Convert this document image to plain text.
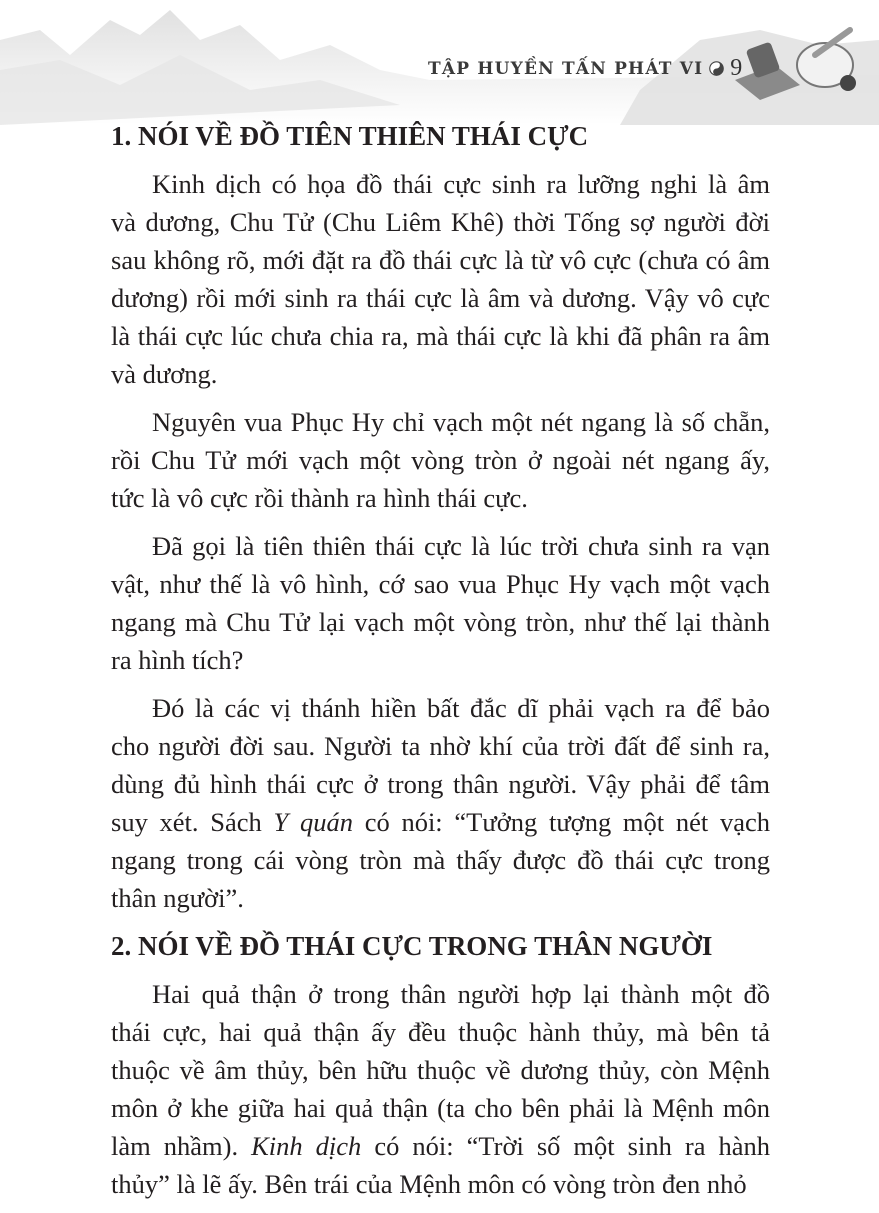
TẬP HUYỀN TẤN PHÁT VI 9
1. NÓI VỀ ĐỒ TIÊN THIÊN THÁI CỰC
Kinh dịch có họa đồ thái cực sinh ra lưỡng nghi là âm
và dương, Chu Tử (Chu Liêm Khê) thời Tống sợ người đời
sau không rõ, mới đặt ra đồ thái cực là từ vô cực (chưa có âm
dương) rồi mới sinh ra thái cực là âm và dương. Vậy vô cực
là thái cực lúc chưa chia ra, mà thái cực là khi đã phân ra âm
và dương.
Nguyên vua Phục Hy chỉ vạch một nét ngang là số chẵn,
rồi Chu Tử mới vạch một vòng tròn ở ngoài nét ngang ấy,
tức là vô cực rồi thành ra hình thái cực.
Đã gọi là tiên thiên thái cực là lúc trời chưa sinh ra vạn
vật, như thế là vô hình, cớ sao vua Phục Hy vạch một vạch
ngang mà Chu Tử lại vạch một vòng tròn, như thế lại thành
ra hình tích?
Đó là các vị thánh hiền bất đắc dĩ phải vạch ra để bảo
cho người đời sau. Người ta nhờ khí của trời đất để sinh ra,
dùng đủ hình thái cực ở trong thân người. Vậy phải để tâm
suy xét. Sách Y quán có nói: “Tưởng tượng một nét vạch
ngang trong cái vòng tròn mà thấy được đồ thái cực trong
thân người”.
2. NÓI VỀ ĐỒ THÁI CỰC TRONG THÂN NGƯỜI
Hai quả thận ở trong thân người hợp lại thành một đồ
thái cực, hai quả thận ấy đều thuộc hành thủy, mà bên tả
thuộc về âm thủy, bên hữu thuộc về dương thủy, còn Mệnh
môn ở khe giữa hai quả thận (ta cho bên phải là Mệnh môn
làm nhầm). Kinh dịch có nói: “Trời số một sinh ra hành
thủy” là lẽ ấy. Bên trái của Mệnh môn có vòng tròn đen nhỏ
